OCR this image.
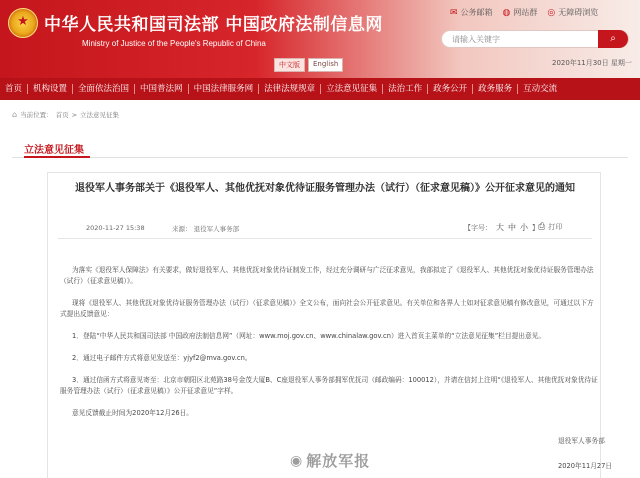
★ 中华人民共和国司法部 中国政府法制信息网
Ministry of Justice of the People's Republic of China
✉ 公务邮箱 ◍ 网站群 ◎ 无障碍浏览
请输入关键字	⌕
中文版	English	2020年11月30日 星期一
首页	机构设置	全面依法治国	中国普法网	中国法律服务网	法律法规规章	立法意见征集	法治工作	政务公开	政务服务	互动交流
⌂ 当前位置： 首页 > 立法意见征集
立法意见征集
退役军人事务部关于《退役军人、其他优抚对象优待证服务管理办法（试行）（征求意见稿）》公开征求意见的通知
2020-11-27 15:38	来源： 退役军人事务部	【字号： 大 中 小 】 ⎙ 打印

为落实《退役军人保障法》有关要求，做好退役军人、其他优抚对象优待证制发工作，经过充分调研与广泛征求意见，我部拟定了《退役军人、其他优抚对象优待证服务管理办法（试行）（征求意见稿）》。

现将《退役军人、其他优抚对象优待证服务管理办法（试行）（征求意见稿）》全文公布，面向社会公开征求意见。有关单位和各界人士如对征求意见稿有修改意见，可通过以下方式提出反馈意见：

1．登陆“中华人民共和国司法部 中国政府法制信息网”（网址：www.moj.gov.cn、www.chinalaw.gov.cn）进入首页主菜单的“立法意见征集”栏目提出意见。

2．通过电子邮件方式将意见发送至：yjyf2@mva.gov.cn。

3．通过信函方式将意见寄至：北京市朝阳区北苑路38号金茂大厦B、C座退役军人事务部拥军优抚司（邮政编码：100012），并请在信封上注明“《退役军人、其他优抚对象优待证服务管理办法（试行）（征求意见稿）》公开征求意见”字样。

意见反馈截止时间为2020年12月26日。

退役军人事务部
2020年11月27日
◉ 解放军报
